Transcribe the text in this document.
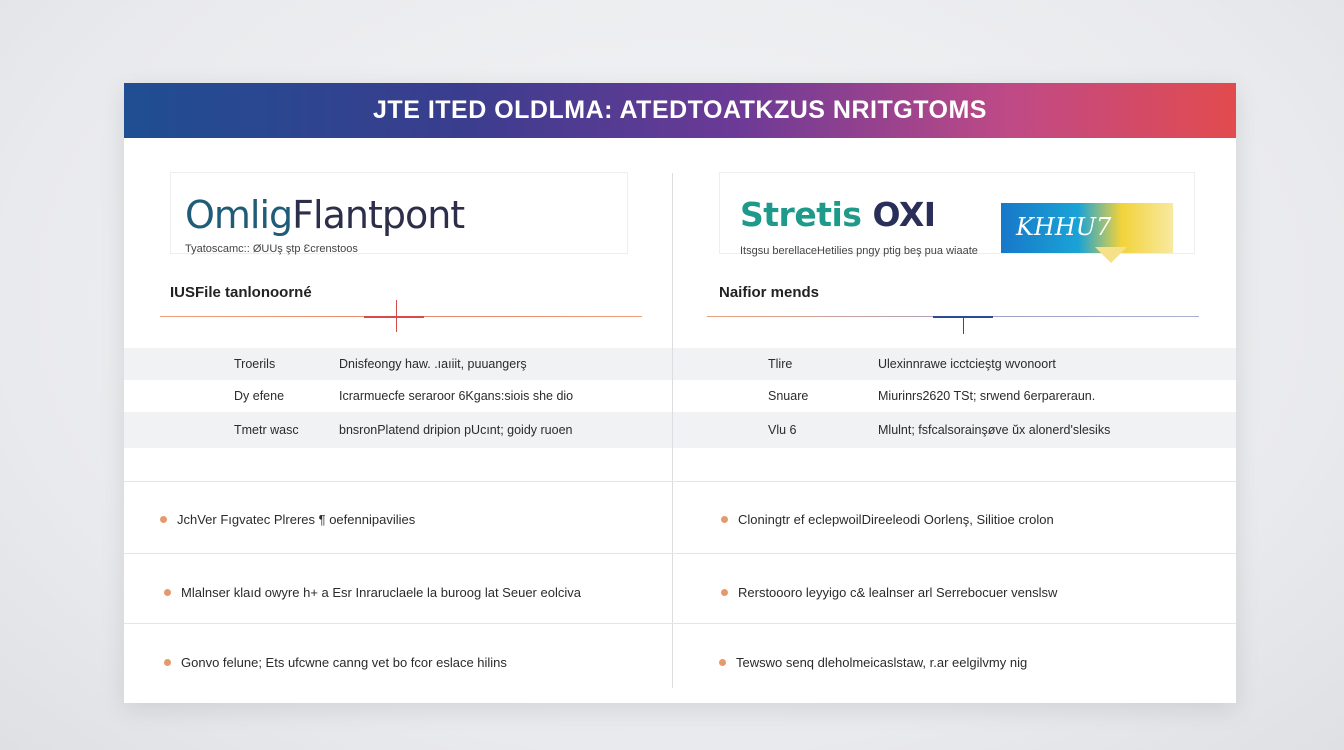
JTE ITED OLDLMA: ATEDTOATKZUS NRITGTOMS
OmligFlantpont
Tyatoscamc:: ØUUş ştp Ɛcrenstoos
IUSFile tanlonoorné
Troerils	Dnisfeongy haw. .ıaıiit, puuangerş
Dy efene	Icrarmuecfe seraroor 6Kgans:siois she dio
Tmetr wasc	bnsronPlatend dripion pUcınt; goidy ruoen
JchVer Fıgvatec Plreres ¶ oefennipavilies
Mlalnser klaıd owyre h+ a Esr Inraruclaele la buroog lat Seuer eolciva
Gonvo felune; Ets ufcwne canng vet bo fcor eslace hilins
Stretis OXI	KHHU7
Itsgsu berellaceHetilies pngy ptig beş pua wiaate
Naifior mends
Tlire	Ulexinnrawe icctcieştg wvonoort
Snuare	Miurinrs2620 TSt; srwend 6erpareraun.
Vlu 6	Mlulnt; fsfcalsorainşøve ŭx alonerd'slesiks
Cloningtr ef eclepwoilDireeleodi Oorlenş, Silitioe crolon
Rerstoooro leyyigo c& lealnser arl Serrebocuer venslsw
Tewswo senq dleholmeicaslstaw, r.ar eelgilvmy nig
